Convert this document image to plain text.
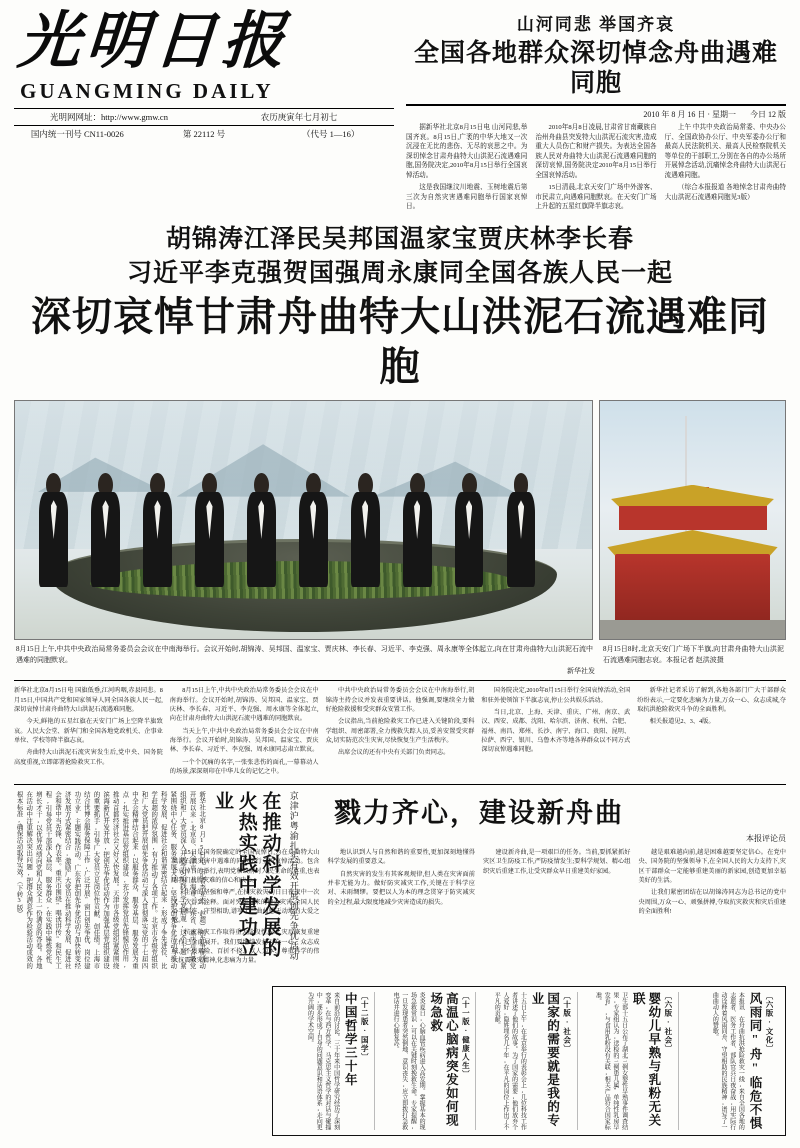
光明日报
GUANGMING DAILY
光明网网址：http://www.gmw.cn	农历庚寅年七月初七
国内统一刊号 CN11-0026	第 22112 号	（代号 1—16）
山河同悲 举国齐哀
全国各地群众深切悼念舟曲遇难同胞
2010 年 8 月 16 日 · 星期一 今日 12 版

据新华社北京8月15日电 山河同悲,举国齐哀。8月15日,广袤的中华大地又一次沉浸在无比的悲伤、无尽的哀思之中。为深切悼念甘肃舟曲特大山洪泥石流遇难同胞,国务院决定,2010年8月15日举行全国哀悼活动。

这是我国继汶川地震、玉树地震后第三次为自然灾害遇难同胞举行国家哀悼日。

2010年8月8日凌晨,甘肃省甘南藏族自治州舟曲县突发特大山洪泥石流灾害,造成重大人员伤亡和财产损失。为表达全国各族人民对舟曲特大山洪泥石流遇难同胞的深切哀悼,国务院决定2010年8月15日举行全国哀悼活动。

15日清晨,北京天安门广场中外游客、市民肃立,向遇难同胞默哀。在天安门广场上升起的五星红旗降半旗志哀。

上午 中共中央政治局常委、中央办公厅、全国政协办公厅、中央军委办公厅和最高人民法院机关、最高人民检察院机关等单位的干部职工,分别在各自的办公场所开展悼念活动,沉痛悼念舟曲特大山洪泥石流遇难同胞。

（综合本报报道 各地悼念甘肃舟曲特大山洪泥石流遇难同胞见3版）

胡锦涛江泽民吴邦国温家宝贾庆林李长春
习近平李克强贺国强周永康同全国各族人民一起
深切哀悼甘肃舟曲特大山洪泥石流遇难同胞
8月15日上午,中共中央政治局常务委员会会议在中南海举行。会议开始时,胡锦涛、吴邦国、温家宝、贾庆林、李长春、习近平、李克强、周永康等全体起立,向在甘肃舟曲特大山洪泥石流中遇难的同胞默哀。
新华社发
8月15日8时,北京天安门广场下半旗,向甘肃舟曲特大山洪泥石流遇难同胞志哀。本报记者 赵洪波摄

新华社北京8月15日电 国旗低垂,江河呜咽,赤县同悲。8月15日,中国共产党和国家领导人同全国各族人民一起,深切哀悼甘肃舟曲特大山洪泥石流遇难同胞。

今天,鲜艳的五星红旗在天安门广场上空降半旗致哀。人民大会堂、新华门和全国各地党政机关、企事业单位、学校等降半旗志哀。

舟曲特大山洪泥石流灾害发生后,党中央、国务院高度重视,立即部署抢险救灾工作。

8月15日上午,中共中央政治局常务委员会会议在中南海举行。会议开始时,胡锦涛、吴邦国、温家宝、贾庆林、李长春、习近平、李克强、周永康等全体起立,向在甘肃舟曲特大山洪泥石流中遇难的同胞默哀。

当天上午,中共中央政治局常务委员会会议在中南海举行。会议开始时,胡锦涛、吴邦国、温家宝、贾庆林、李长春、习近平、李克强、周永康同志肃立默哀。

一个个沉痛的名字,一张张悲伤的面孔,一幕幕动人的场景,深深刻印在中华儿女的记忆之中。

中共中央政治局常务委员会会议在中南海举行,胡锦涛主持会议并发表重要讲话。他强调,要继续全力做好抢险救援和受灾群众安置工作。

会议指出,当前抢险救灾工作已进入关键阶段,要科学组织、周密部署,全力搜救失踪人员,妥善安置受灾群众,切实防范次生灾害,尽快恢复生产生活秩序。

出席会议的还有中央有关部门负责同志。

国务院决定,2010年8月15日举行全国哀悼活动,全国和驻外使领馆下半旗志哀,停止公共娱乐活动。

当日,北京、上海、天津、重庆、广州、南京、武汉、西安、成都、沈阳、哈尔滨、济南、杭州、合肥、福州、南昌、郑州、长沙、南宁、海口、贵阳、昆明、拉萨、西宁、银川、乌鲁木齐等地各界群众以不同方式深切哀悼遇难同胞。

新华社记者采访了解到,各地各部门广大干部群众纷纷表示,一定要化悲痛为力量,万众一心、众志成城,夺取抗洪抢险救灾斗争的全面胜利。

相关报道见2、3、4版。

新华社北京8月15日电（记者李亚杰、赵超）创先争优活动开展以来,北京市、天津市、上海市、广东省、重庆市各级党组织和广大党员深入开展学习实践科学发展观,这个主题,紧紧围绕中心任务、服务发展大局,坚持把创先争优活动与推动科学发展、促进社会和谐紧密结合起来,形成了争先进位、比学赶超的浓厚氛围,有力推动了各项工作。北京市各级党组织和广大党员把开展创先争优活动与深入贯彻落实党的十七届四中全会精神结合起来,以服务群众、服务基层、服务发展为重点,扎实推进基层党组织建设,充分发挥党员先锋模范作用,推动首都经济社会又好又快发展。天津市各级党组织紧紧围绕滨海新区开发开放,把创先争优活动作为加强基层党组织建设的重要抓手,引导广大党员立足岗位作贡献、创佳绩。上海市结合世博会服务保障工作,广泛开展"窗口创先争优、岗位建功立业"主题实践活动。广东省把创先争优活动与加快转变经济发展方式紧密结合,激励广大党员在推动科学发展、促进社会和谐中当先锋、作表率。重庆市围绕"唱读讲传"和民生工程,引导党员干部深入基层、服务群众,在实践中锤炼党性、增长才干,以优异成绩向党和人民交上一份满意的答卷。各地在活动中注重解决突出问题,把群众满意作为检验活动成效的根本标准,确保活动取得实效。（下转3版）	在推动科学发展的火热实践中建功立业	京津沪粤渝扎实有效开展创先争优活动	戮力齐心，建设新舟曲
本报评论员

15日是国务院确定的全国哀悼日,为在舟曲特大山洪泥石流灾害中遇难的同胞举行全国哀悼活动。包含个哀悼日的举行,表明党和政府对人民生命的尊重,也表明我们战胜灾难的信心和决心。

生命的坚强和尊严,在抗灾救灾的日日夜夜中一次又一次得到诠释。面对突如其来的特大灾害,全国人民心手相连、守望相助,谱写了一曲曲感天动地的大爱之歌。

抗灾救灾工作取得重大阶段性成果,灾后恢复重建工作已全面展开。我们要继续发扬万众一心、众志成城、不畏艰险、百折不挠、以人为本、尊重科学的伟大抗震救灾精神,化悲痛为力量。

地认识到人与自然和谐的重要性,更加深刻地懂得科学发展的重要意义。

自然灾害的发生有其客观规律,但人类在灾害面前并非无能为力。做好防灾减灾工作,关键在于科学应对、未雨绸缪。要把以人为本的理念贯穿于防灾减灾的全过程,最大限度地减少灾害造成的损失。

建设新舟曲,是一项艰巨的任务。当前,要抓紧抓好灾区卫生防疫工作,严防疫情发生;要科学规划、精心组织灾后重建工作,让受灾群众早日重建美好家园。

越是艰难越向前,越是困难越要坚定信心。在党中央、国务院的坚强领导下,在全国人民的大力支持下,灾区干部群众一定能够重建美丽的新家园,创造更加幸福美好的生活。

让我们紧密团结在以胡锦涛同志为总书记的党中央周围,万众一心、顽强拼搏,夺取抗灾救灾和灾后重建的全面胜利!

〔十二版·国学〕
中国哲学三十年
来自前沿的讨论。三十年来中国哲学研究经历了深刻变革,在与西方哲学、马克思主义哲学的对话与碰撞中,逐步形成了自身的问题意识和话语体系,走向更为开阔的学术空间。	〔十一版·健康人生〕
高温心脑病突发如何现场急救
炎炎夏日,心脑血管疾病进入高发期。掌握基本的现场急救常识,可以在关键时刻挽救生命。专家提醒,一旦发现患者突然倒地、意识丧失,应立即拨打急救电话并进行心肺复苏。	〔十版·社会〕
国家的需要就是我的专业
十五日上午,在北京举行的表彰会上,几位科技工作者讲述了他们的故事。为了国家的需要,他们放弃个人爱好,隐姓埋名几十年,在平凡的岗位上作出了不平凡的贡献。	〔六版·社会〕
婴幼儿早熟与乳粉无关联
卫生部十五日公布了湖北三例女婴性早熟事件调查结果,专家组认为,送检的三例患儿属"单纯性乳房早发育",与食用乳粉没有关联,相关产品符合国家标准。	〔六版·文化〕
风雨同"舟"临危不惧
本报讯 在舟曲抗洪抢险救灾一线,来自全国各地的志愿者、医务工作者、部队官兵日夜奋战,用实际行动诠释着风雨同舟、守望相助的民族精神,谱写了一曲曲动人的赞歌。
